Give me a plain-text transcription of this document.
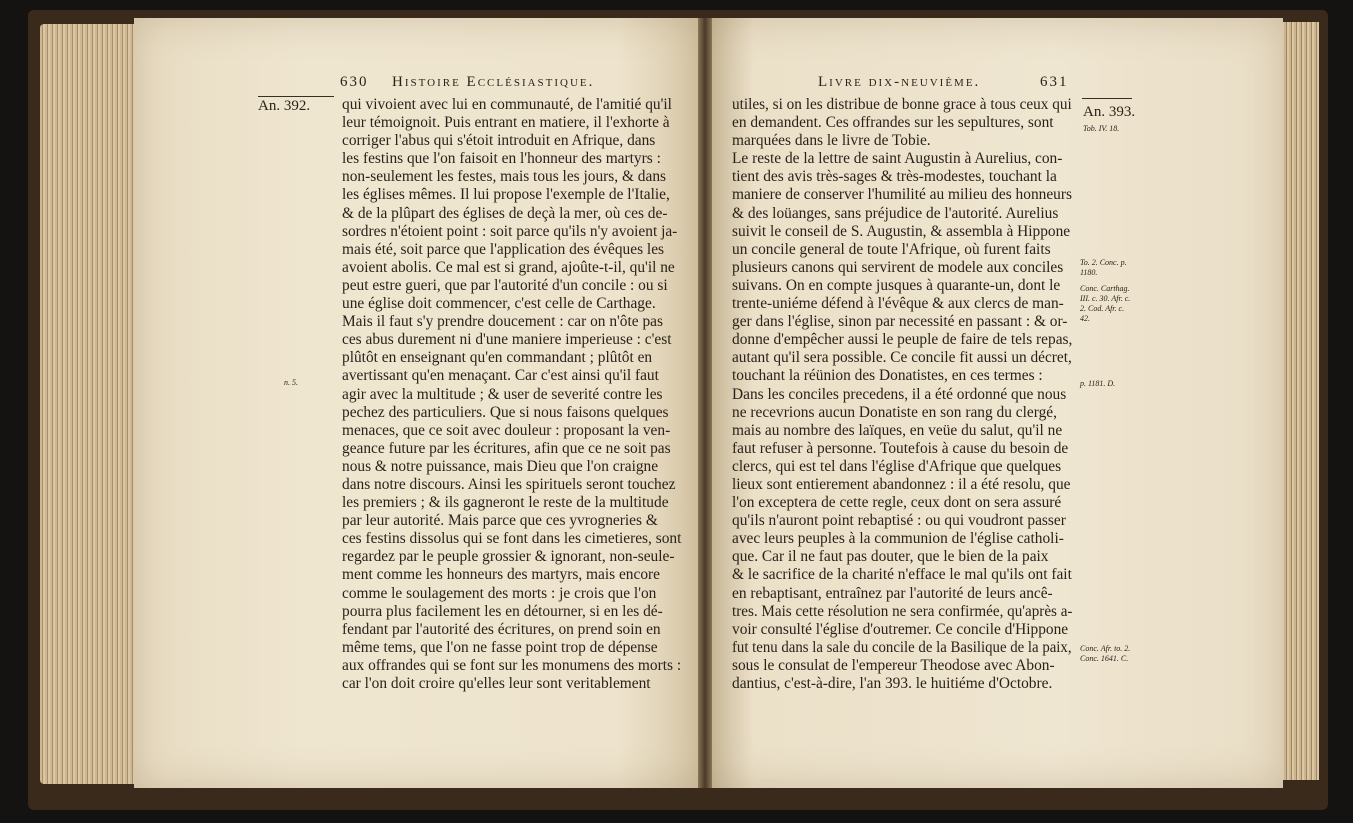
630 Histoire Ecclésiastique.
An. 392.
n. 5.
qui vivoient avec lui en communauté, de l'amitié qu'il
leur témoignoit. Puis entrant en matiere, il l'exhorte à
corriger l'abus qui s'étoit introduit en Afrique, dans
les festins que l'on faisoit en l'honneur des martyrs :
non-seulement les festes, mais tous les jours, & dans
les églises mêmes. Il lui propose l'exemple de l'Italie,
& de la plûpart des églises de deçà la mer, où ces de-
sordres n'étoient point : soit parce qu'ils n'y avoient ja-
mais été, soit parce que l'application des évêques les
avoient abolis. Ce mal est si grand, ajoûte-t-il, qu'il ne
peut estre gueri, que par l'autorité d'un concile : ou si
une église doit commencer, c'est celle de Carthage.
Mais il faut s'y prendre doucement : car on n'ôte pas
ces abus durement ni d'une maniere imperieuse : c'est
plûtôt en enseignant qu'en commandant ; plûtôt en
avertissant qu'en menaçant. Car c'est ainsi qu'il faut
agir avec la multitude ; & user de severité contre les
pechez des particuliers. Que si nous faisons quelques
menaces, que ce soit avec douleur : proposant la ven-
geance future par les écritures, afin que ce ne soit pas
nous & notre puissance, mais Dieu que l'on craigne
dans notre discours. Ainsi les spirituels seront touchez
les premiers ; & ils gagneront le reste de la multitude
par leur autorité. Mais parce que ces yvrogneries &
ces festins dissolus qui se font dans les cimetieres, sont
regardez par le peuple grossier & ignorant, non-seule-
ment comme les honneurs des martyrs, mais encore
comme le soulagement des morts : je crois que l'on
pourra plus facilement les en détourner, si en les dé-
fendant par l'autorité des écritures, on prend soin en
même tems, que l'on ne fasse point trop de dépense
aux offrandes qui se font sur les monumens des morts :
car l'on doit croire qu'elles leur sont veritablement
Livre dix-neuvième.	631
An. 393.
Tob. IV. 18.
To. 2. Conc. p. 1180.
Conc. Carthag. III. c. 30. Afr. c. 2. Cod. Afr. c. 42.
p. 1181. D.
Conc. Afr. to. 2. Conc. 1641. C.
utiles, si on les distribue de bonne grace à tous ceux qui
en demandent. Ces offrandes sur les sepultures, sont
marquées dans le livre de Tobie.
Le reste de la lettre de saint Augustin à Aurelius, con-
tient des avis très-sages & très-modestes, touchant la
maniere de conserver l'humilité au milieu des honneurs
& des loüanges, sans préjudice de l'autorité. Aurelius
suivit le conseil de S. Augustin, & assembla à Hippone
un concile general de toute l'Afrique, où furent faits
plusieurs canons qui servirent de modele aux conciles
suivans. On en compte jusques à quarante-un, dont le
trente-uniéme défend à l'évêque & aux clercs de man-
ger dans l'église, sinon par necessité en passant : & or-
donne d'empêcher aussi le peuple de faire de tels repas,
autant qu'il sera possible. Ce concile fit aussi un décret,
touchant la réünion des Donatistes, en ces termes :
Dans les conciles precedens, il a été ordonné que nous
ne recevrions aucun Donatiste en son rang du clergé,
mais au nombre des laïques, en veüe du salut, qu'il ne
faut refuser à personne. Toutefois à cause du besoin de
clercs, qui est tel dans l'église d'Afrique que quelques
lieux sont entierement abandonnez : il a été resolu, que
l'on exceptera de cette regle, ceux dont on sera assuré
qu'ils n'auront point rebaptisé : ou qui voudront passer
avec leurs peuples à la communion de l'église catholi-
que. Car il ne faut pas douter, que le bien de la paix
& le sacrifice de la charité n'efface le mal qu'ils ont fait
en rebaptisant, entraînez par l'autorité de leurs ancê-
tres. Mais cette résolution ne sera confirmée, qu'après a-
voir consulté l'église d'outremer. Ce concile d'Hippone
fut tenu dans la sale du concile de la Basilique de la paix,
sous le consulat de l'empereur Theodose avec Abon-
dantius, c'est-à-dire, l'an 393. le huitiéme d'Octobre.
